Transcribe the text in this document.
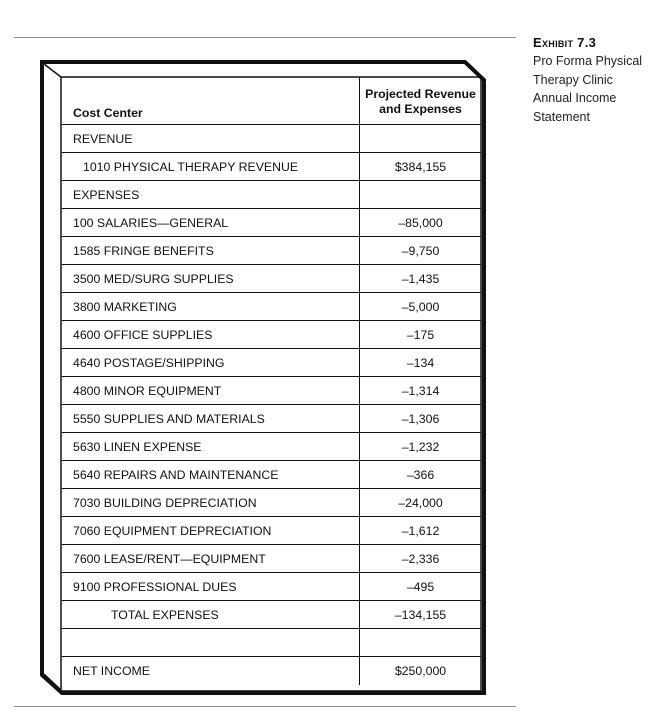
Exhibit 7.3
Pro Forma Physical
Therapy Clinic
Annual Income
Statement
Cost Center
Projected Revenue
and Expenses
REVENUE
1010 PHYSICAL THERAPY REVENUE	$384,155
EXPENSES
100 SALARIES—GENERAL	–85,000
1585 FRINGE BENEFITS	–9,750
3500 MED/SURG SUPPLIES	–1,435
3800 MARKETING	–5,000
4600 OFFICE SUPPLIES	–175
4640 POSTAGE/SHIPPING	–134
4800 MINOR EQUIPMENT	–1,314
5550 SUPPLIES AND MATERIALS	–1,306
5630 LINEN EXPENSE	–1,232
5640 REPAIRS AND MAINTENANCE	–366
7030 BUILDING DEPRECIATION	–24,000
7060 EQUIPMENT DEPRECIATION	–1,612
7600 LEASE/RENT—EQUIPMENT	–2,336
9100 PROFESSIONAL DUES	–495
TOTAL EXPENSES	–134,155
NET INCOME	$250,000
